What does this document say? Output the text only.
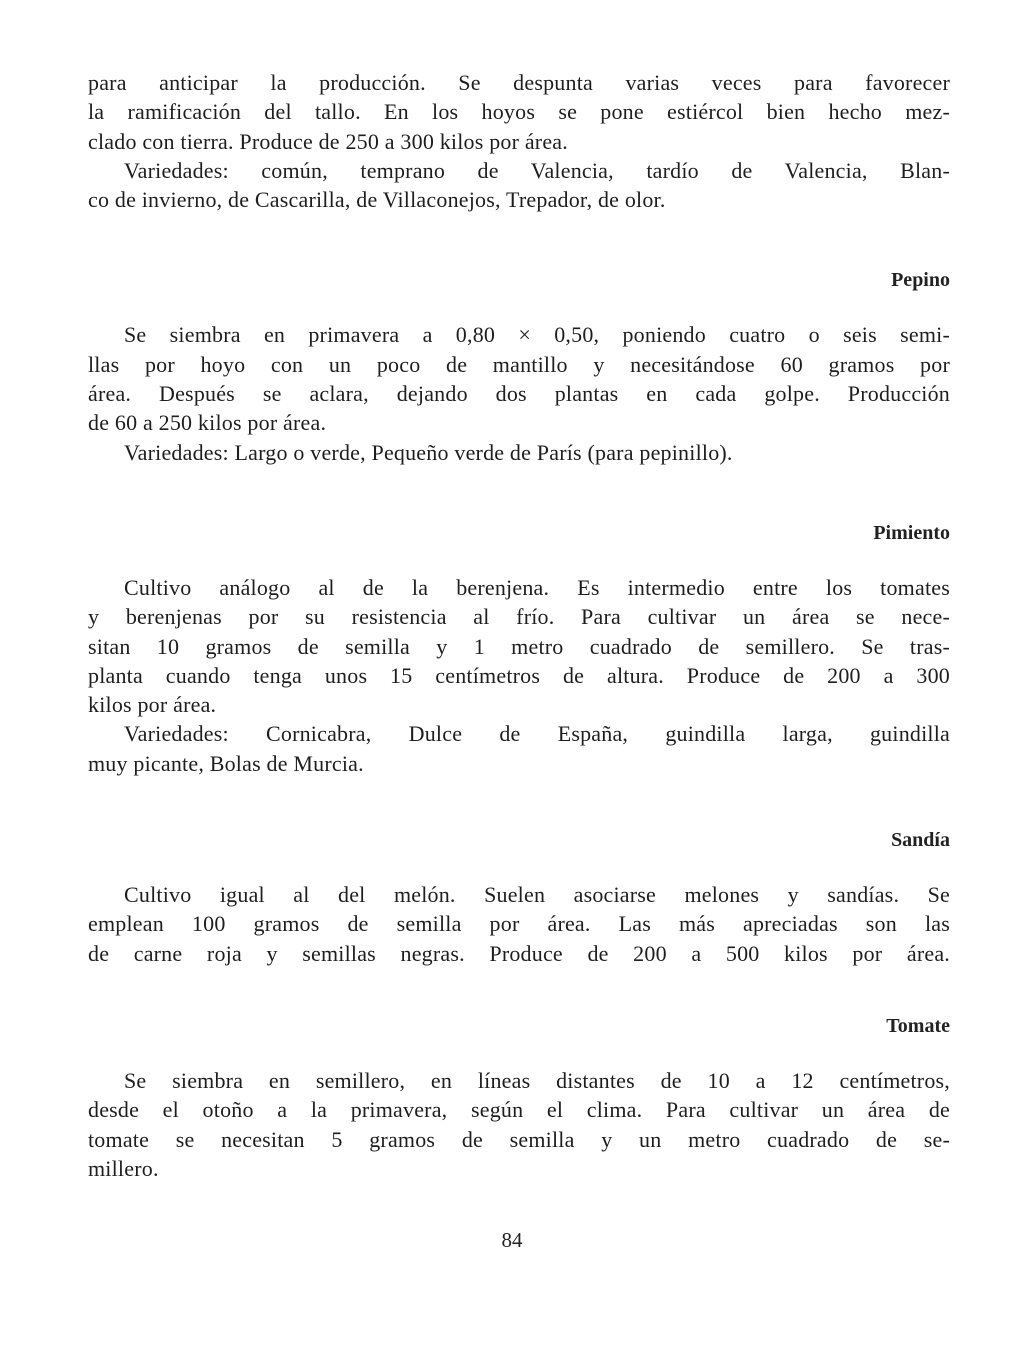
para anticipar la producción. Se despunta varias veces para favorecer
la ramificación del tallo. En los hoyos se pone estiércol bien hecho mez-
clado con tierra. Produce de 250 a 300 kilos por área.
Variedades: común, temprano de Valencia, tardío de Valencia, Blan-
co de invierno, de Cascarilla, de Villaconejos, Trepador, de olor.
Pepino
Se siembra en primavera a 0,80 × 0,50, poniendo cuatro o seis semi-
llas por hoyo con un poco de mantillo y necesitándose 60 gramos por
área. Después se aclara, dejando dos plantas en cada golpe. Producción
de 60 a 250 kilos por área.
Variedades: Largo o verde, Pequeño verde de París (para pepinillo).
Pimiento
Cultivo análogo al de la berenjena. Es intermedio entre los tomates
y berenjenas por su resistencia al frío. Para cultivar un área se nece-
sitan 10 gramos de semilla y 1 metro cuadrado de semillero. Se tras-
planta cuando tenga unos 15 centímetros de altura. Produce de 200 a 300
kilos por área.
Variedades: Cornicabra, Dulce de España, guindilla larga, guindilla
muy picante, Bolas de Murcia.
Sandía
Cultivo igual al del melón. Suelen asociarse melones y sandías. Se
emplean 100 gramos de semilla por área. Las más apreciadas son las
de carne roja y semillas negras. Produce de 200 a 500 kilos por área.
Tomate
Se siembra en semillero, en líneas distantes de 10 a 12 centímetros,
desde el otoño a la primavera, según el clima. Para cultivar un área de
tomate se necesitan 5 gramos de semilla y un metro cuadrado de se-
millero.
84
